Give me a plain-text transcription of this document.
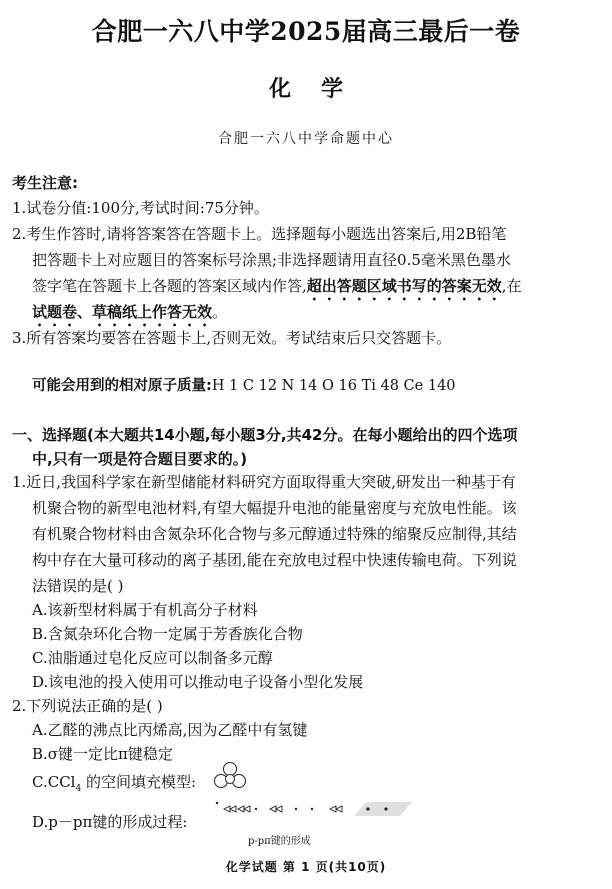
合肥一六八中学2025届高三最后一卷
化学
合肥一六八中学命题中心
考生注意:
1.试卷分值:100分,考试时间:75分钟。
2.考生作答时,请将答案答在答题卡上。选择题每小题选出答案后,用2B铅笔
把答题卡上对应题目的答案标号涂黑;非选择题请用直径0.5毫米黑色墨水
签字笔在答题卡上各题的答案区域内作答,超出答题区域书写的答案无效,在
试题卷、草稿纸上作答无效。
3.所有答案均要答在答题卡上,否则无效。考试结束后只交答题卡。
可能会用到的相对原子质量:H 1 C 12 N 14 O 16 Ti 48 Ce 140
一、选择题(本大题共14小题,每小题3分,共42分。在每小题给出的四个选项
中,只有一项是符合题目要求的。)
1.近日,我国科学家在新型储能材料研究方面取得重大突破,研发出一种基于有
机聚合物的新型电池材料,有望大幅提升电池的能量密度与充放电性能。该
有机聚合物材料由含氮杂环化合物与多元醇通过特殊的缩聚反应制得,其结
构中存在大量可移动的离子基团,能在充放电过程中快速传输电荷。下列说
法错误的是( )
A.该新型材料属于有机高分子材料
B.含氮杂环化合物一定属于芳香族化合物
C.油脂通过皂化反应可以制备多元醇
D.该电池的投入使用可以推动电子设备小型化发展
2.下列说法正确的是( )
A.乙醛的沸点比丙烯高,因为乙醛中有氢键
B.σ键一定比π键稳定
C.CCl$_4$ 的空间填充模型:
D.p－pπ键的形成过程:
p-pπ键的形成
化学试题 第 1 页(共10页)
